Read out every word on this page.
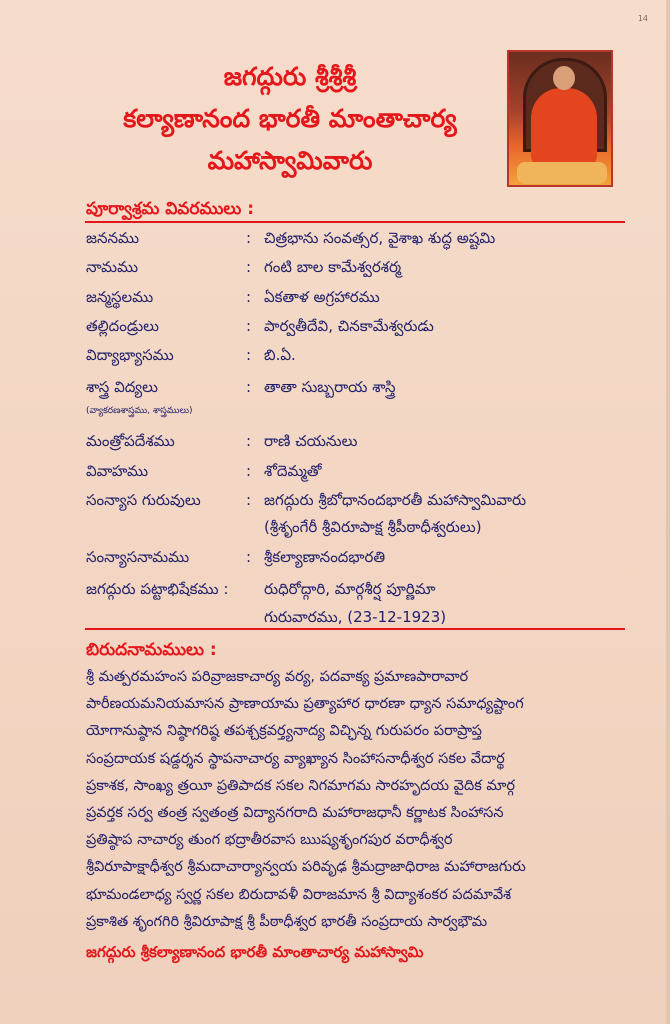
14
జగద్గురు శ్రీశ్రీశ్రీ
కల్యాణానంద భారతీ మాంతాచార్య
మహాస్వామివారు
పూర్వాశ్రమ వివరములు :
జననము	: చిత్రభాను సంవత్సర, వైశాఖ శుద్ధ అష్టమి
నామము	: గంటి బాల కామేశ్వరశర్మ
జన్మస్థలము	: ఏకతాళ అగ్రహారము
తల్లిదండ్రులు	: పార్వతీదేవి, చినకామేశ్వరుడు
విద్యాభ్యాసము	: బి.ఏ.
శాస్త్ర విద్యలు	: తాతా సుబ్బరాయ శాస్త్రి
మంత్రోపదేశము	: రాణి చయనులు
వివాహము	: శోదెమ్మతో
సంన్యాస గురువులు	: జగద్గురు శ్రీబోధానందభారతీ మహాస్వామివారు
(శ్రీశృంగేరీ శ్రీవిరూపాక్ష శ్రీపీఠాధీశ్వరులు)
సంన్యాసనామము	: శ్రీకల్యాణానందభారతి
జగద్గురు పట్టాభిషేకము : రుధిరోద్గారి, మార్గశీర్ష పూర్ణిమా
గురువారము, (23-12-1923)
(వ్యాకరణశాస్త్రము, శాస్త్రములు)
బిరుదనామములు :
శ్రీ మత్పరమహంస పరివ్రాజకాచార్య వర్య, పదవాక్య ప్రమాణపారావార
పారీణయమనియమాసన ప్రాణాయామ ప్రత్యాహార ధారణా ధ్యాన సమాధ్యష్టాంగ
యోగానుష్ఠాన నిష్ఠాగరిష్ఠ తపశ్చక్రవర్త్యనాద్య విచ్ఛిన్న గురుపరం పరాప్రాప్త
సంప్రదాయక షడ్దర్శన స్థాపనాచార్య వ్యాఖ్యాన సింహాసనాధీశ్వర సకల వేదార్థ
ప్రకాశక, సాంఖ్య త్రయీ ప్రతిపాదక సకల నిగమాగమ సారహృదయ వైదిక మార్గ
ప్రవర్తక సర్వ తంత్ర స్వతంత్ర విద్యానగరాది మహారాజధానీ కర్ణాటక సింహాసన
ప్రతిష్ఠాప నాచార్య తుంగ భద్రాతీరవాస ఋష్యశృంగపుర వరాధీశ్వర
శ్రీవిరూపాక్షాధీశ్వర శ్రీమదాచార్యాన్వయ పరివృఢ శ్రీమద్రాజాధిరాజ మహారాజగురు
భూమండలాధ్య స్వర్ణ సకల బిరుదావళీ విరాజమాన శ్రీ విద్యాశంకర పదమావేశ
ప్రకాశిత శృంగగిరి శ్రీవిరూపాక్ష శ్రీ పీఠాధీశ్వర భారతీ సంప్రదాయ సార్వభౌమ
జగద్గురు శ్రీకల్యాణానంద భారతీ మాంతాచార్య మహాస్వామి
